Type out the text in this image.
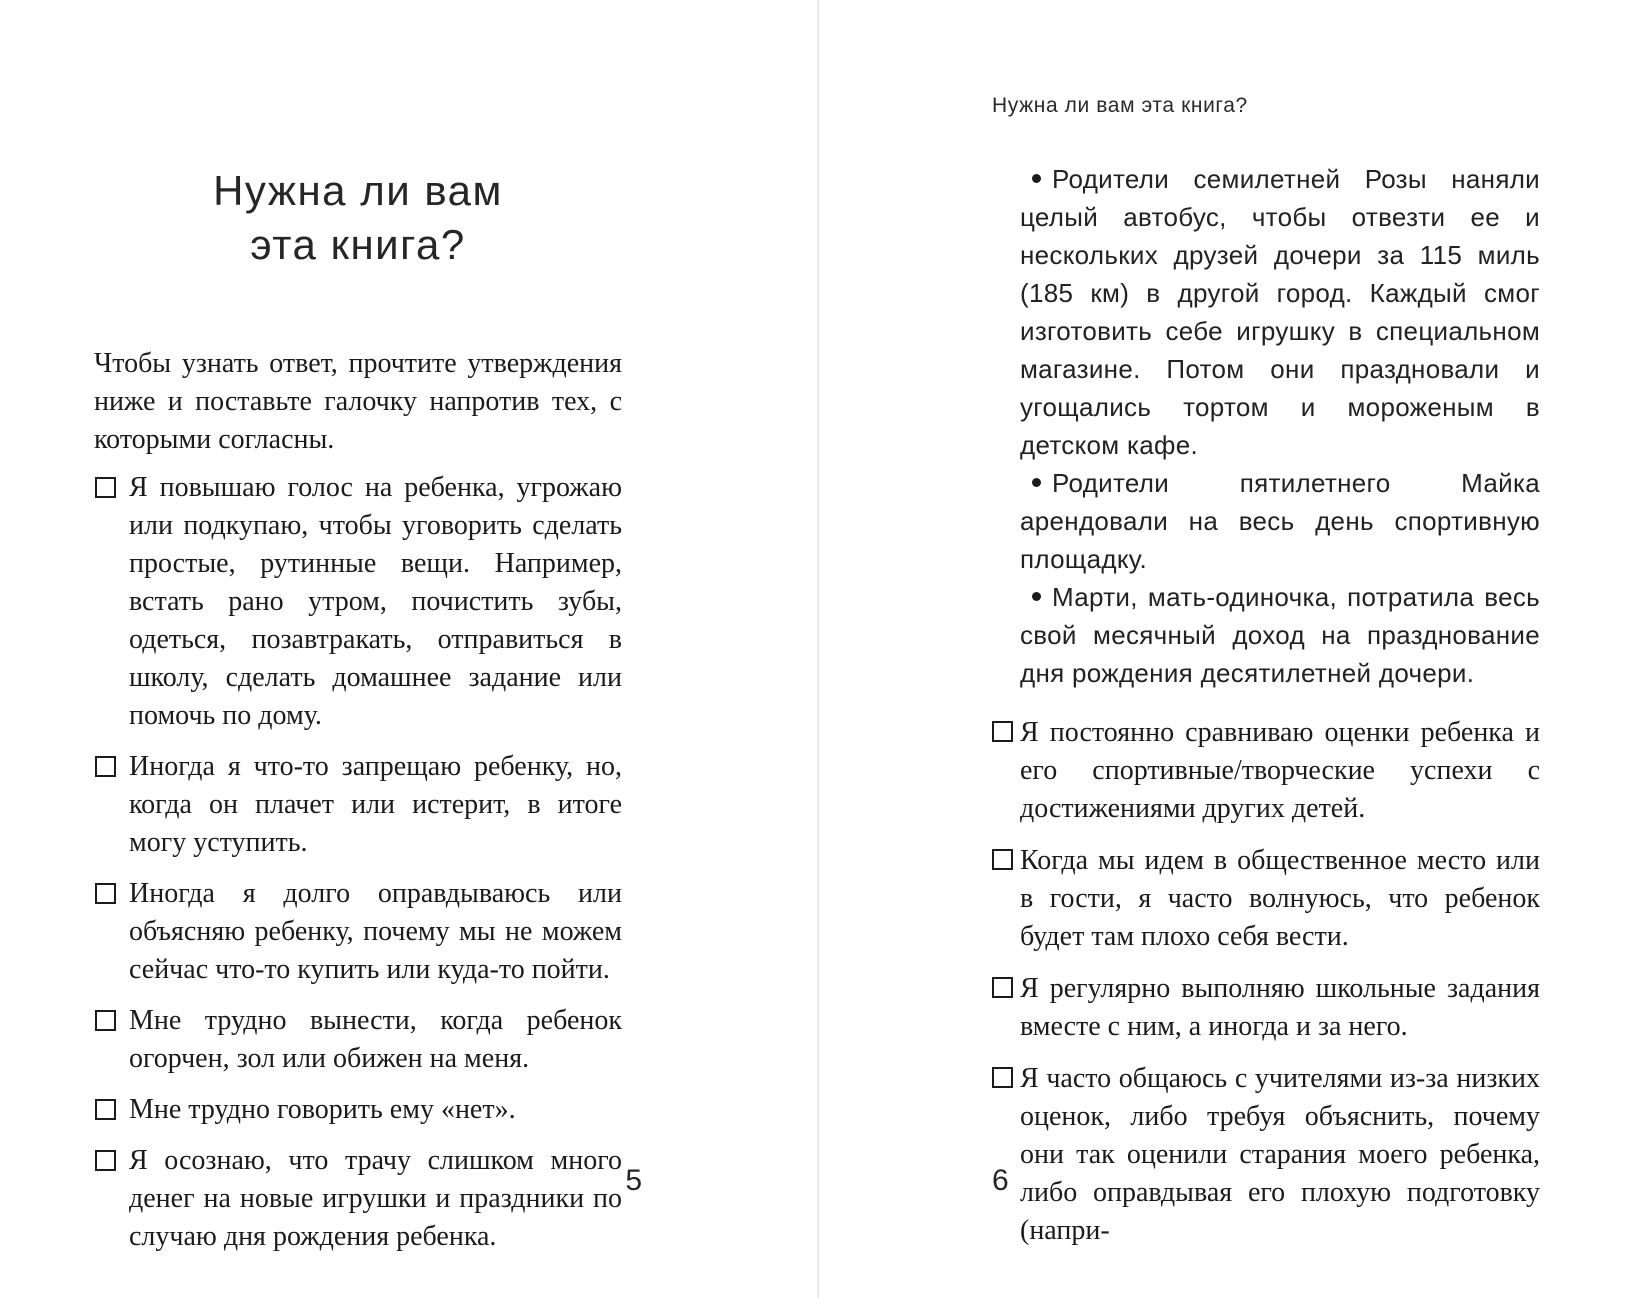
Нужна ли вам
эта книга?

Чтобы узнать ответ, прочтите утверждения ниже и поставьте галочку напротив тех, с которыми согласны.

Я повышаю голос на ребенка, угрожаю или подкупаю, чтобы уговорить сделать простые, рутинные вещи. Например, встать рано утром, почистить зубы, одеться, позавтракать, отправиться в школу, сделать домашнее задание или помочь по дому.
Иногда я что-то запрещаю ребенку, но, когда он плачет или истерит, в итоге могу уступить.
Иногда я долго оправдываюсь или объясняю ребенку, почему мы не можем сейчас что-то купить или куда-то пойти.
Мне трудно вынести, когда ребенок огорчен, зол или обижен на меня.
Мне трудно говорить ему «нет».
Я осознаю, что трачу слишком много денег на новые игрушки и праздники по случаю дня рождения ребенка.
5
Нужна ли вам эта книга?
Родители семилетней Розы наняли целый автобус, чтобы отвезти ее и нескольких друзей дочери за 115 миль (185 км) в другой город. Каждый смог изготовить себе игрушку в специальном магазине. Потом они праздновали и угощались тортом и мороженым в детском кафе.
Родители пятилетнего Майка арендовали на весь день спортивную площадку.
Марти, мать-одиночка, потратила весь свой месячный доход на празднование дня рождения десятилетней дочери.
Я постоянно сравниваю оценки ребенка и его спортивные/творческие успехи с достижениями других детей.
Когда мы идем в общественное место или в гости, я часто волнуюсь, что ребенок будет там плохо себя вести.
Я регулярно выполняю школьные задания вместе с ним, а иногда и за него.
Я часто общаюсь с учителями из-за низких оценок, либо требуя объяснить, почему они так оценили старания моего ребенка, либо оправдывая его плохую подготовку (напри-
6
